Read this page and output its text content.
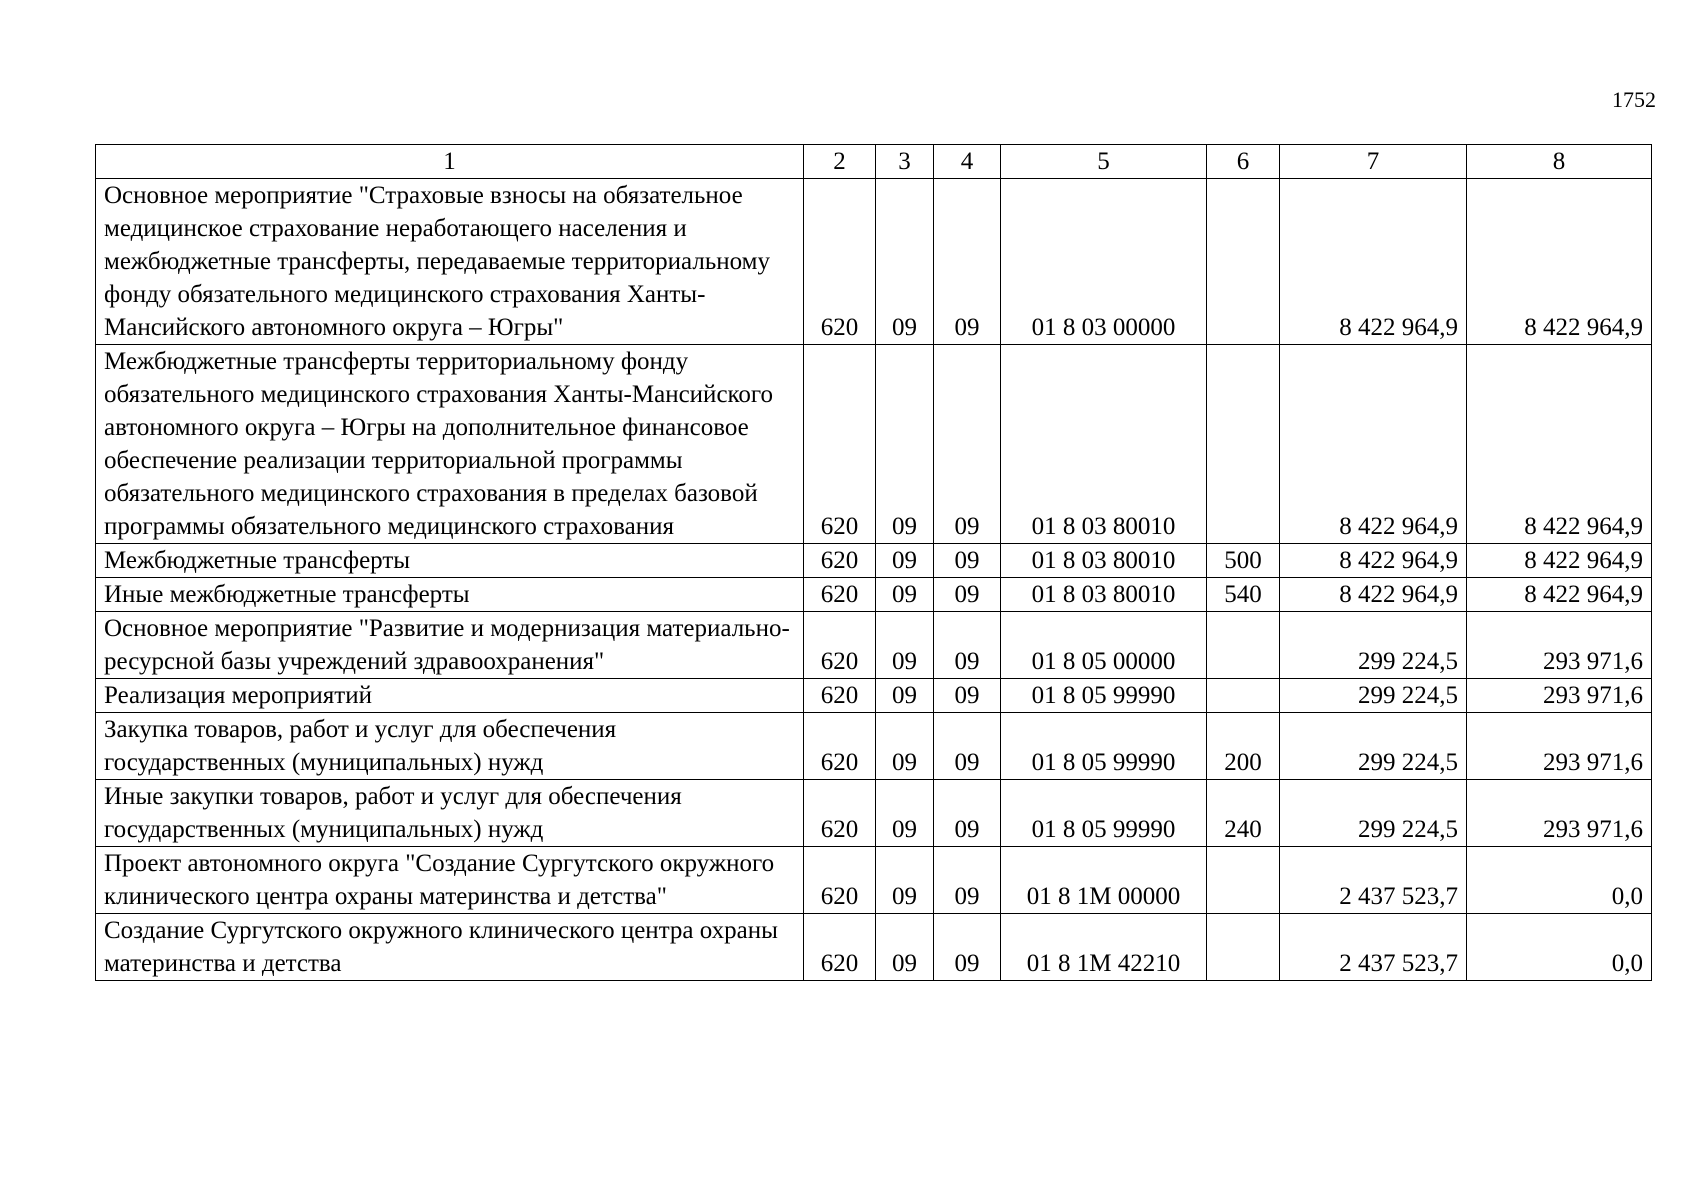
1752
1	2	3	4	5	6	7	8
Основное мероприятие "Страховые взносы на обязательное медицинское страхование неработающего населения и межбюджетные трансферты, передаваемые территориальному фонду обязательного медицинского страхования Ханты-Мансийского автономного округа – Югры"	620	09	09	01 8 03 00000		8 422 964,9	8 422 964,9
Межбюджетные трансферты территориальному фонду обязательного медицинского страхования Ханты-Мансийского автономного округа – Югры на дополнительное финансовое обеспечение реализации территориальной программы обязательного медицинского страхования в пределах базовой программы обязательного медицинского страхования	620	09	09	01 8 03 80010		8 422 964,9	8 422 964,9
Межбюджетные трансферты	620	09	09	01 8 03 80010	500	8 422 964,9	8 422 964,9
Иные межбюджетные трансферты	620	09	09	01 8 03 80010	540	8 422 964,9	8 422 964,9
Основное мероприятие "Развитие и модернизация материально-ресурсной базы учреждений здравоохранения"	620	09	09	01 8 05 00000		299 224,5	293 971,6
Реализация мероприятий	620	09	09	01 8 05 99990		299 224,5	293 971,6
Закупка товаров, работ и услуг для обеспечения государственных (муниципальных) нужд	620	09	09	01 8 05 99990	200	299 224,5	293 971,6
Иные закупки товаров, работ и услуг для обеспечения государственных (муниципальных) нужд	620	09	09	01 8 05 99990	240	299 224,5	293 971,6
Проект автономного округа "Создание Сургутского окружного клинического центра охраны материнства и детства"	620	09	09	01 8 1М 00000		2 437 523,7	0,0
Создание Сургутского окружного клинического центра охраны материнства и детства	620	09	09	01 8 1М 42210		2 437 523,7	0,0
